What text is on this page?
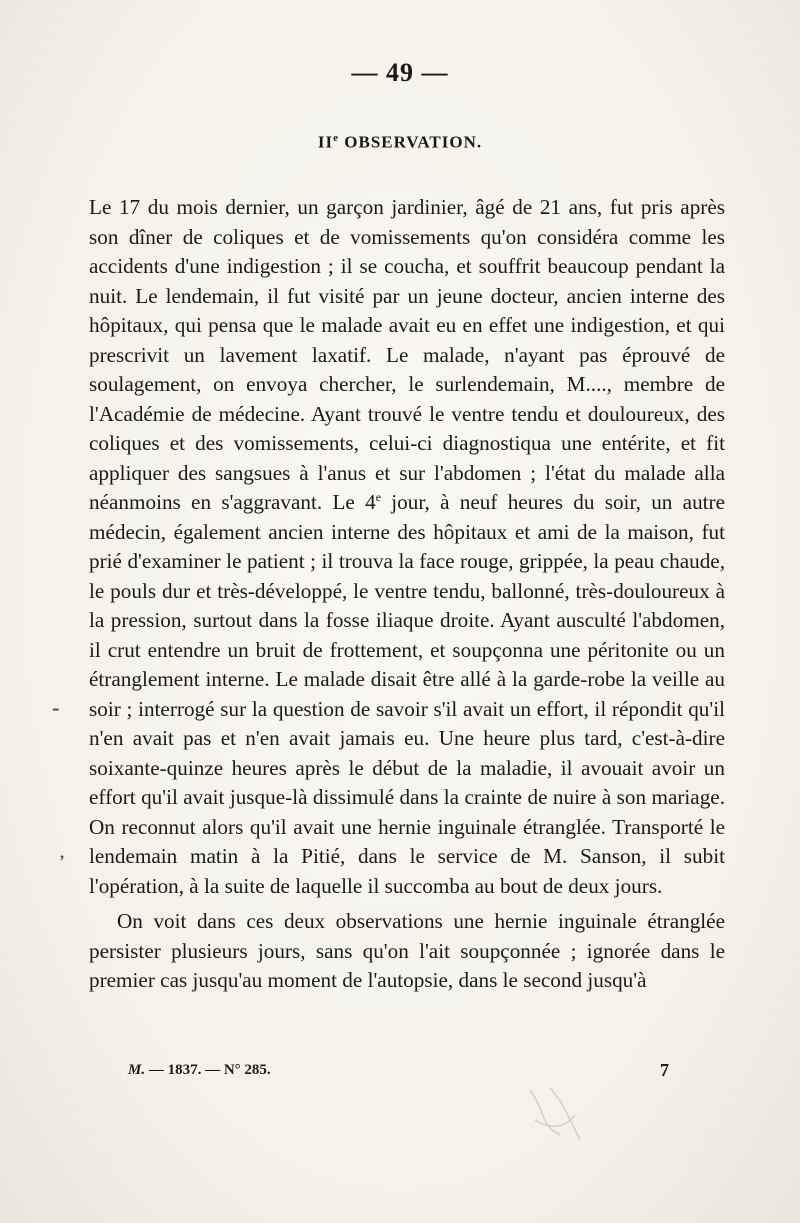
— 49 —
IIe OBSERVATION.

Le 17 du mois dernier, un garçon jardinier, âgé de 21 ans, fut pris après son dîner de coliques et de vomissements qu'on considéra comme les accidents d'une indigestion ; il se coucha, et souffrit beaucoup pendant la nuit. Le lendemain, il fut visité par un jeune docteur, ancien interne des hôpitaux, qui pensa que le malade avait eu en effet une indigestion, et qui prescrivit un lavement laxatif. Le malade, n'ayant pas éprouvé de soulagement, on envoya chercher, le surlendemain, M...., membre de l'Académie de médecine. Ayant trouvé le ventre tendu et douloureux, des coliques et des vomissements, celui-ci diagnostiqua une entérite, et fit appliquer des sangsues à l'anus et sur l'abdomen ; l'état du malade alla néanmoins en s'aggravant. Le 4e jour, à neuf heures du soir, un autre médecin, également ancien interne des hôpitaux et ami de la maison, fut prié d'examiner le patient ; il trouva la face rouge, grippée, la peau chaude, le pouls dur et très-développé, le ventre tendu, ballonné, très-douloureux à la pression, surtout dans la fosse iliaque droite. Ayant ausculté l'abdomen, il crut entendre un bruit de frottement, et soupçonna une péritonite ou un étranglement interne. Le malade disait être allé à la garde-robe la veille au soir ; interrogé sur la question de savoir s'il avait un effort, il répondit qu'il n'en avait pas et n'en avait jamais eu. Une heure plus tard, c'est-à-dire soixante-quinze heures après le début de la maladie, il avouait avoir un effort qu'il avait jusque-là dissimulé dans la crainte de nuire à son mariage. On reconnut alors qu'il avait une hernie inguinale étranglée. Transporté le lendemain matin à la Pitié, dans le service de M. Sanson, il subit l'opération, à la suite de laquelle il succomba au bout de deux jours.

On voit dans ces deux observations une hernie inguinale étranglée persister plusieurs jours, sans qu'on l'ait soupçonnée ; ignorée dans le premier cas jusqu'au moment de l'autopsie, dans le second jusqu'à

M. — 1837. — N° 285.	7
-
,
